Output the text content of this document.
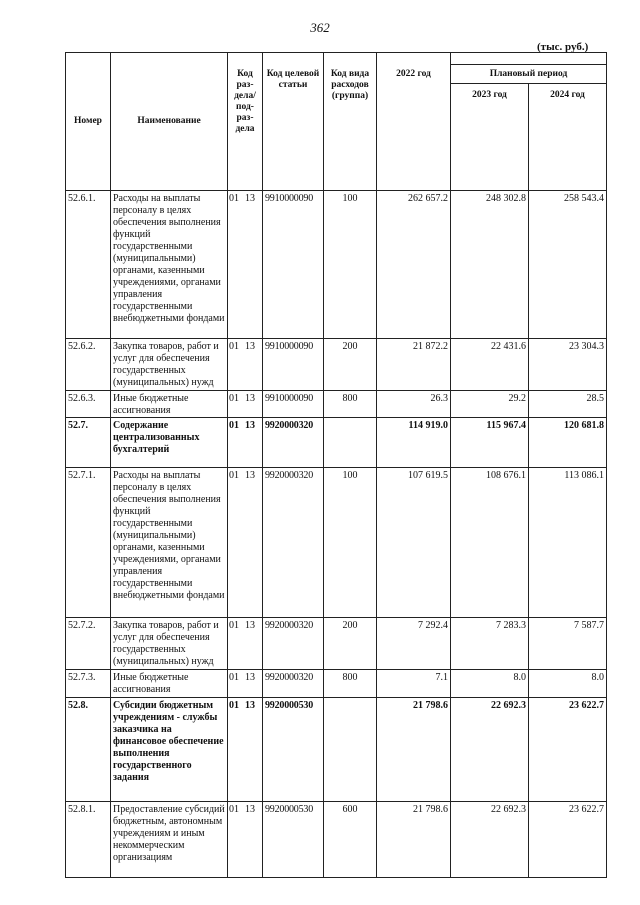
362
(тыс. руб.)
Номер	Наименование	Код раз- дела/ под- раз- дела	Код целевой статьи	Код вида расходов (группа)	2022 год		
						Плановый период	
						2023 год	2024 год
52.6.1.	Расходы на выплаты персоналу в целях обеспечения выполнения функций государственными (муниципальными) органами, казенными учреждениями, органами управления государственными внебюджетными фондами	01 13	9910000090	100	262 657.2	248 302.8	258 543.4
52.6.2.	Закупка товаров, работ и услуг для обеспечения государственных (муниципальных) нужд	01 13	9910000090	200	21 872.2	22 431.6	23 304.3
52.6.3.	Иные бюджетные ассигнования	01 13	9910000090	800	26.3	29.2	28.5
52.7.	Содержание централизованных бухгалтерий	01 13	9920000320		114 919.0	115 967.4	120 681.8
52.7.1.	Расходы на выплаты персоналу в целях обеспечения выполнения функций государственными (муниципальными) органами, казенными учреждениями, органами управления государственными внебюджетными фондами	01 13	9920000320	100	107 619.5	108 676.1	113 086.1
52.7.2.	Закупка товаров, работ и услуг для обеспечения государственных (муниципальных) нужд	01 13	9920000320	200	7 292.4	7 283.3	7 587.7
52.7.3.	Иные бюджетные ассигнования	01 13	9920000320	800	7.1	8.0	8.0
52.8.	Субсидии бюджетным учреждениям - службы заказчика на финансовое обеспечение выполнения государственного задания	01 13	9920000530		21 798.6	22 692.3	23 622.7
52.8.1.	Предоставление субсидий бюджетным, автономным учреждениям и иным некоммерческим организациям	01 13	9920000530	600	21 798.6	22 692.3	23 622.7
